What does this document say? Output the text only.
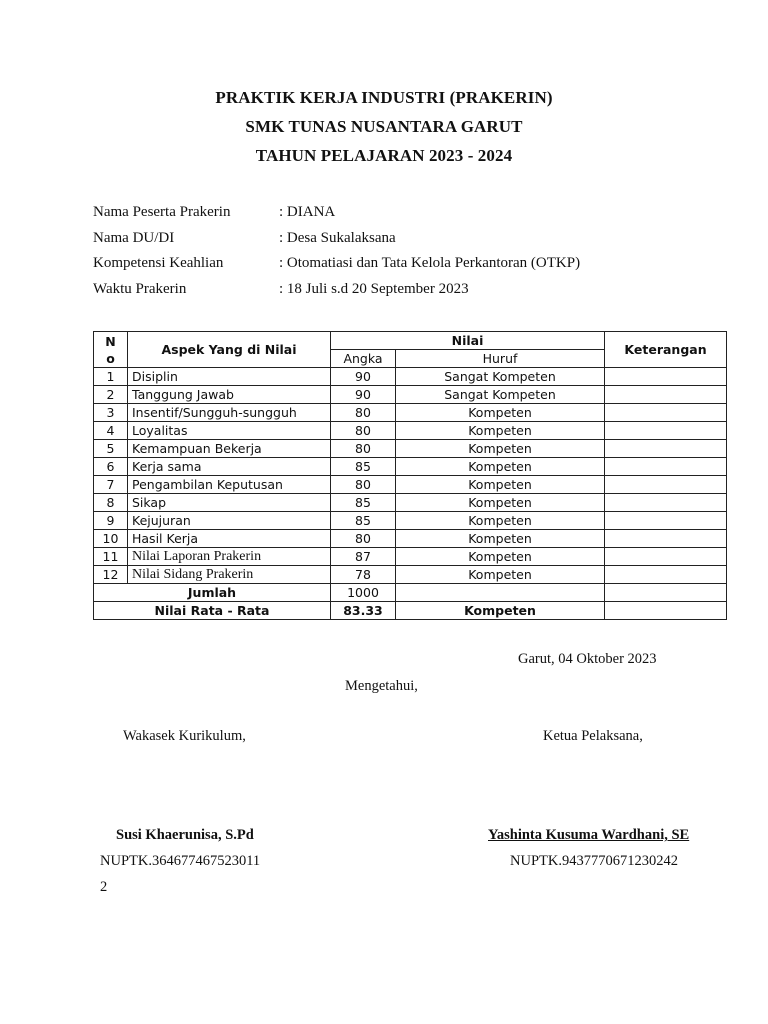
PRAKTIK KERJA INDUSTRI (PRAKERIN)
SMK TUNAS NUSANTARA GARUT
TAHUN PELAJARAN 2023 - 2024
Nama Peserta Prakerin	: DIANA
Nama DU/DI	: Desa Sukalaksana
Kompetensi Keahlian	: Otomatiasi dan Tata Kelola Perkantoran (OTKP)
Waktu Prakerin	: 18 Juli s.d 20 September 2023
N
o	Aspek Yang di Nilai	Nilai		Keterangan
		Angka	Huruf	
1	Disiplin	90	Sangat Kompeten	
2	Tanggung Jawab	90	Sangat Kompeten	
3	Insentif/Sungguh-sungguh	80	Kompeten	
4	Loyalitas	80	Kompeten	
5	Kemampuan Bekerja	80	Kompeten	
6	Kerja sama	85	Kompeten	
7	Pengambilan Keputusan	80	Kompeten	
8	Sikap	85	Kompeten	
9	Kejujuran	85	Kompeten	
10	Hasil Kerja	80	Kompeten	
11	Nilai Laporan Prakerin	87	Kompeten	
12	Nilai Sidang Prakerin	78	Kompeten	
Jumlah		1000		
Nilai Rata - Rata		83.33	Kompeten	
Garut, 04 Oktober 2023
Mengetahui,
Wakasek Kurikulum,	Ketua Pelaksana,
Susi Khaerunisa, S.Pd	Yashinta Kusuma Wardhani, SE
NUPTK.364677467523011	NUPTK.9437770671230242
2
